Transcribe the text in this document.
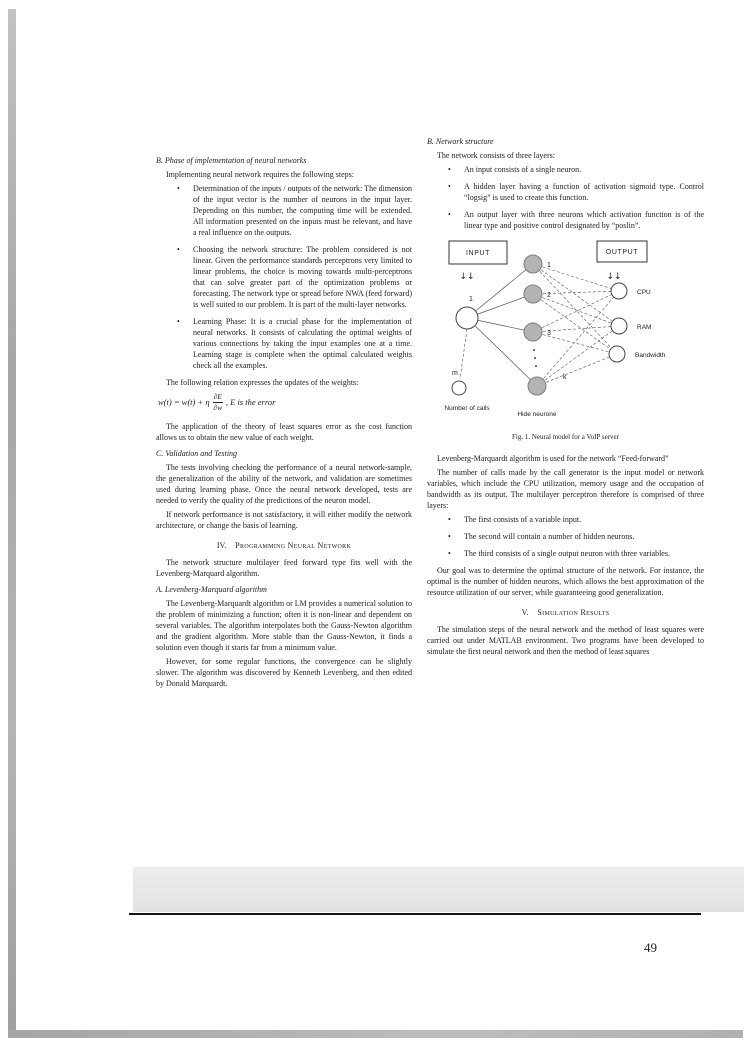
49
B. Phase of implementation of neural networks

Implementing neural network requires the following steps:

•
Determination of the inputs / outputs of the network: The dimension of the input vector is the number of neurons in the input layer. Depending on this number, the computing time will be extended. All information presented on the inputs must be relevant, and have a real influence on the outputs.
•
Choosing the network structure: The problem considered is not linear. Given the performance standards perceptrons very limited to linear problems, the choice is moving towards multi-perceptrons that can solve greater part of the optimization problems or forecasting. The network type or spread before NWA (feed forward) is well suited to our problem. It is part of the multi-layer networks.
•
Learning Phase: It is a crucial phase for the implementation of neural networks. It consists of calculating the optimal weights of various connections by taking the input examples one at a time. Learning stage is complete when the optimal calculated weights check all the examples.

The following relation expresses the updates of the weights:

w(t) = w(t) + η $\frac{\partial E}{\partial w}$ , E is the error

The application of the theory of least squares error as the cost function allows us to obtain the new value of each weight.

C. Validation and Testing

The tests involving checking the performance of a neural network-sample, the generalization of the ability of the network, and validation are sometimes used during learning phase. Once the neural network developed, tests are needed to verify the quality of the predictions of the neuron model.

If network performance is not satisfactory, it will either modify the network architecture, or change the basis of learning.

IV. Programming Neural Network

The network structure multilayer feed forward type fits well with the Levenberg-Marquard algorithm.

A. Levenberg-Marquard algorithm

The Levenberg-Marquardt algorithm or LM provides a numerical solution to the problem of minimizing a function; often it is non-linear and dependent on several variables. The algorithm interpolates both the Gauss-Newton algorithm and the gradient algorithm. More stable than the Gauss-Newton, it finds a solution even though it starts far from a minimum value.

However, for some regular functions, the convergence can be slightly slower. The algorithm was discovered by Kenneth Levenberg, and then edited by Donald Marquardt.

B. Network structure

The network consists of three layers:

•
An input consists of a single neuron.
•
A hidden layer having a function of activation sigmoid type. Control “logsig” is used to create this function.
•
An output layer with three neurons which activation function is of the linear type and positive control designated by “poslin”.
INPUT
↓↓
OUTPUT
↓↓
1
1
2
3
k
m
CPU
RAM
Bandwidth
Number of calls
Hide neurone
Fig. 1. Neural model for a VoIP server

Levenberg-Marquardt algorithm is used for the network “Feed-forward”

The number of calls made by the call generator is the input model or network variables, which include the CPU utilization, memory usage and the occupation of bandwidth as its output. The multilayer perceptron therefore is comprised of three layers:

•
The first consists of a variable input.
•
The second will contain a number of hidden neurons.
•
The third consists of a single output neuron with three variables.

Our goal was to determine the optimal structure of the network. For instance, the optimal is the number of hidden neurons, which allows the best approximation of the resource utilization of our server, while guaranteeing good generalization.

V. Simulation Results

The simulation steps of the neural network and the method of least squares were carried out under MATLAB environment. Two programs have been developed to simulate the first neural network and then the method of least squares
